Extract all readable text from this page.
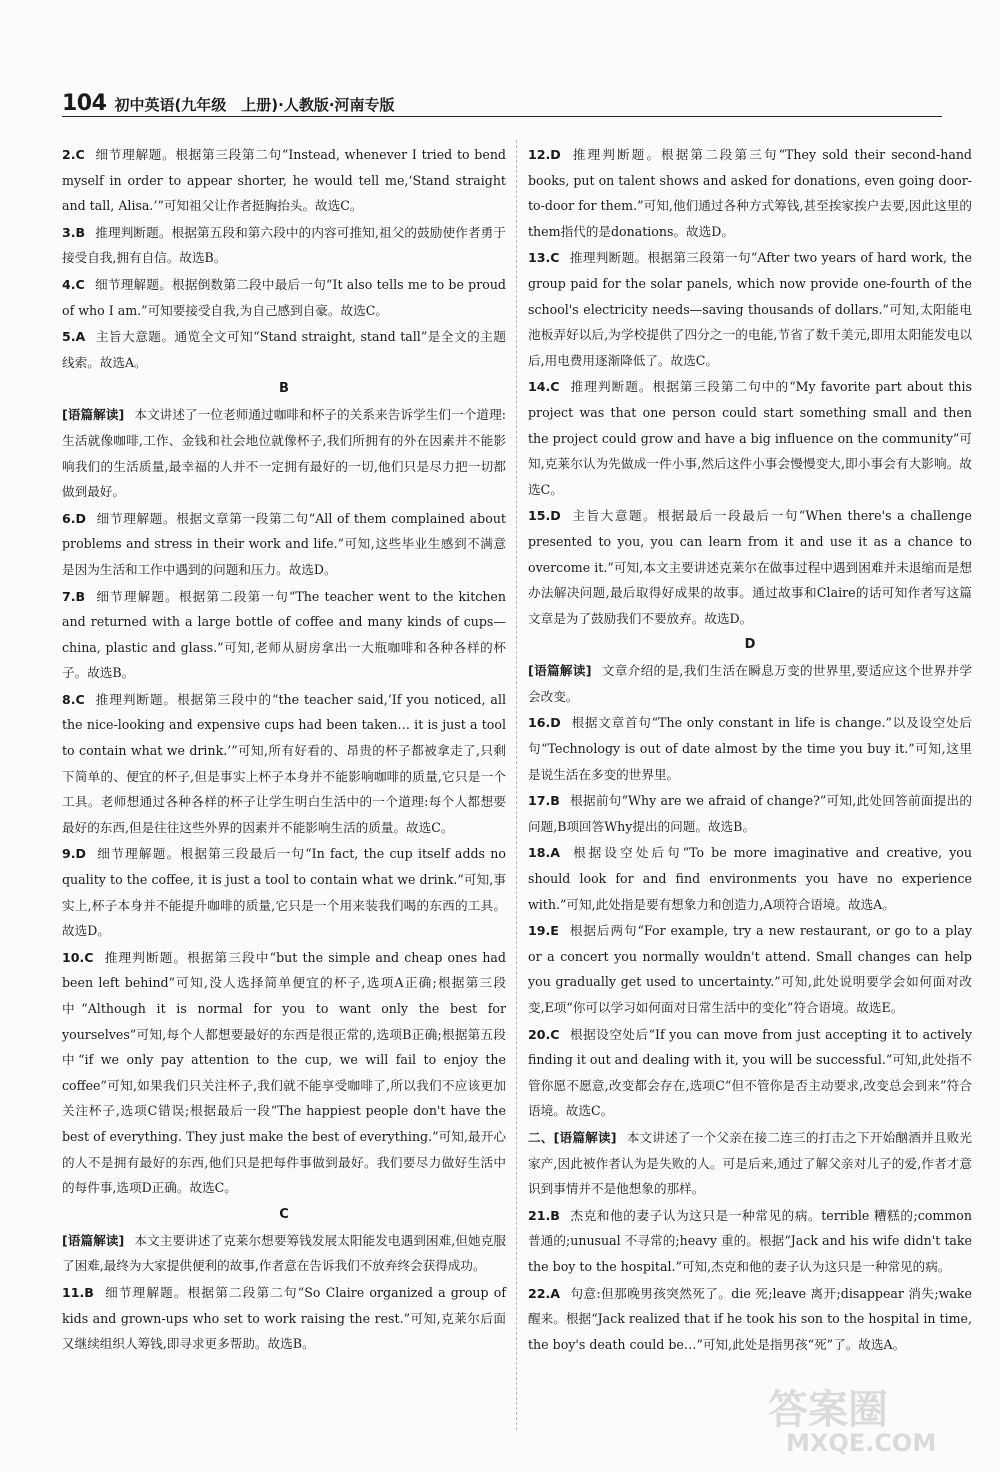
104 初中英语(九年级　上册)·人教版·河南专版
2.C 细节理解题。根据第三段第二句“Instead, whenever I tried to bend myself in order to appear shorter, he would tell me,‘Stand straight and tall, Alisa.’”可知祖父让作者挺胸抬头。故选C。
3.B 推理判断题。根据第五段和第六段中的内容可推知,祖父的鼓励使作者勇于接受自我,拥有自信。故选B。
4.C 细节理解题。根据倒数第二段中最后一句“It also tells me to be proud of who I am.”可知要接受自我,为自己感到自豪。故选C。
5.A 主旨大意题。通览全文可知“Stand straight, stand tall”是全文的主题线索。故选A。
B
[语篇解读] 本文讲述了一位老师通过咖啡和杯子的关系来告诉学生们一个道理:生活就像咖啡,工作、金钱和社会地位就像杯子,我们所拥有的外在因素并不能影响我们的生活质量,最幸福的人并不一定拥有最好的一切,他们只是尽力把一切都做到最好。
6.D 细节理解题。根据文章第一段第二句“All of them complained about problems and stress in their work and life.”可知,这些毕业生感到不满意是因为生活和工作中遇到的问题和压力。故选D。
7.B 细节理解题。根据第二段第一句“The teacher went to the kitchen and returned with a large bottle of coffee and many kinds of cups—china, plastic and glass.”可知,老师从厨房拿出一大瓶咖啡和各种各样的杯子。故选B。
8.C 推理判断题。根据第三段中的“the teacher said,‘If you noticed, all the nice-looking and expensive cups had been taken… it is just a tool to contain what we drink.’”可知,所有好看的、昂贵的杯子都被拿走了,只剩下简单的、便宜的杯子,但是事实上杯子本身并不能影响咖啡的质量,它只是一个工具。老师想通过各种各样的杯子让学生明白生活中的一个道理:每个人都想要最好的东西,但是往往这些外界的因素并不能影响生活的质量。故选C。
9.D 细节理解题。根据第三段最后一句“In fact, the cup itself adds no quality to the coffee, it is just a tool to contain what we drink.”可知,事实上,杯子本身并不能提升咖啡的质量,它只是一个用来装我们喝的东西的工具。故选D。
10.C 推理判断题。根据第三段中“but the simple and cheap ones had been left behind”可知,没人选择简单便宜的杯子,选项A正确;根据第三段中“Although it is normal for you to want only the best for yourselves”可知,每个人都想要最好的东西是很正常的,选项B正确;根据第五段中“if we only pay attention to the cup, we will fail to enjoy the coffee”可知,如果我们只关注杯子,我们就不能享受咖啡了,所以我们不应该更加关注杯子,选项C错误;根据最后一段“The happiest people don't have the best of everything. They just make the best of everything.”可知,最开心的人不是拥有最好的东西,他们只是把每件事做到最好。我们要尽力做好生活中的每件事,选项D正确。故选C。
C
[语篇解读] 本文主要讲述了克莱尔想要筹钱发展太阳能发电遇到困难,但她克服了困难,最终为大家提供便利的故事,作者意在告诉我们不放弃终会获得成功。
11.B 细节理解题。根据第二段第二句“So Claire organized a group of kids and grown-ups who set to work raising the rest.”可知,克莱尔后面又继续组织人筹钱,即寻求更多帮助。故选B。
12.D 推理判断题。根据第二段第三句“They sold their second-hand books, put on talent shows and asked for donations, even going door-to-door for them.”可知,他们通过各种方式筹钱,甚至挨家挨户去要,因此这里的them指代的是donations。故选D。
13.C 推理判断题。根据第三段第一句“After two years of hard work, the group paid for the solar panels, which now provide one-fourth of the school's electricity needs—saving thousands of dollars.”可知,太阳能电池板弄好以后,为学校提供了四分之一的电能,节省了数千美元,即用太阳能发电以后,用电费用逐渐降低了。故选C。
14.C 推理判断题。根据第三段第二句中的“My favorite part about this project was that one person could start something small and then the project could grow and have a big influence on the community”可知,克莱尔认为先做成一件小事,然后这件小事会慢慢变大,即小事会有大影响。故选C。
15.D 主旨大意题。根据最后一段最后一句“When there's a challenge presented to you, you can learn from it and use it as a chance to overcome it.”可知,本文主要讲述克莱尔在做事过程中遇到困难并未退缩而是想办法解决问题,最后取得好成果的故事。通过故事和Claire的话可知作者写这篇文章是为了鼓励我们不要放弃。故选D。
D
[语篇解读] 文章介绍的是,我们生活在瞬息万变的世界里,要适应这个世界并学会改变。
16.D 根据文章首句“The only constant in life is change.”以及设空处后句“Technology is out of date almost by the time you buy it.”可知,这里是说生活在多变的世界里。
17.B 根据前句“Why are we afraid of change?”可知,此处回答前面提出的问题,B项回答Why提出的问题。故选B。
18.A 根据设空处后句“To be more imaginative and creative, you should look for and find environments you have no experience with.”可知,此处指是要有想象力和创造力,A项符合语境。故选A。
19.E 根据后两句“For example, try a new restaurant, or go to a play or a concert you normally wouldn't attend. Small changes can help you gradually get used to uncertainty.”可知,此处说明要学会如何面对改变,E项“你可以学习如何面对日常生活中的变化”符合语境。故选E。
20.C 根据设空处后“If you can move from just accepting it to actively finding it out and dealing with it, you will be successful.”可知,此处指不管你愿不愿意,改变都会存在,选项C“但不管你是否主动要求,改变总会到来”符合语境。故选C。
二、[语篇解读] 本文讲述了一个父亲在接二连三的打击之下开始酗酒并且败光家产,因此被作者认为是失败的人。可是后来,通过了解父亲对儿子的爱,作者才意识到事情并不是他想象的那样。
21.B 杰克和他的妻子认为这只是一种常见的病。terrible 糟糕的;common 普通的;unusual 不寻常的;heavy 重的。根据“Jack and his wife didn't take the boy to the hospital.”可知,杰克和他的妻子认为这只是一种常见的病。
22.A 句意:但那晚男孩突然死了。die 死;leave 离开;disappear 消失;wake 醒来。根据“Jack realized that if he took his son to the hospital in time, the boy's death could be…”可知,此处是指男孩“死”了。故选A。
答案圈
MXQE.COM
